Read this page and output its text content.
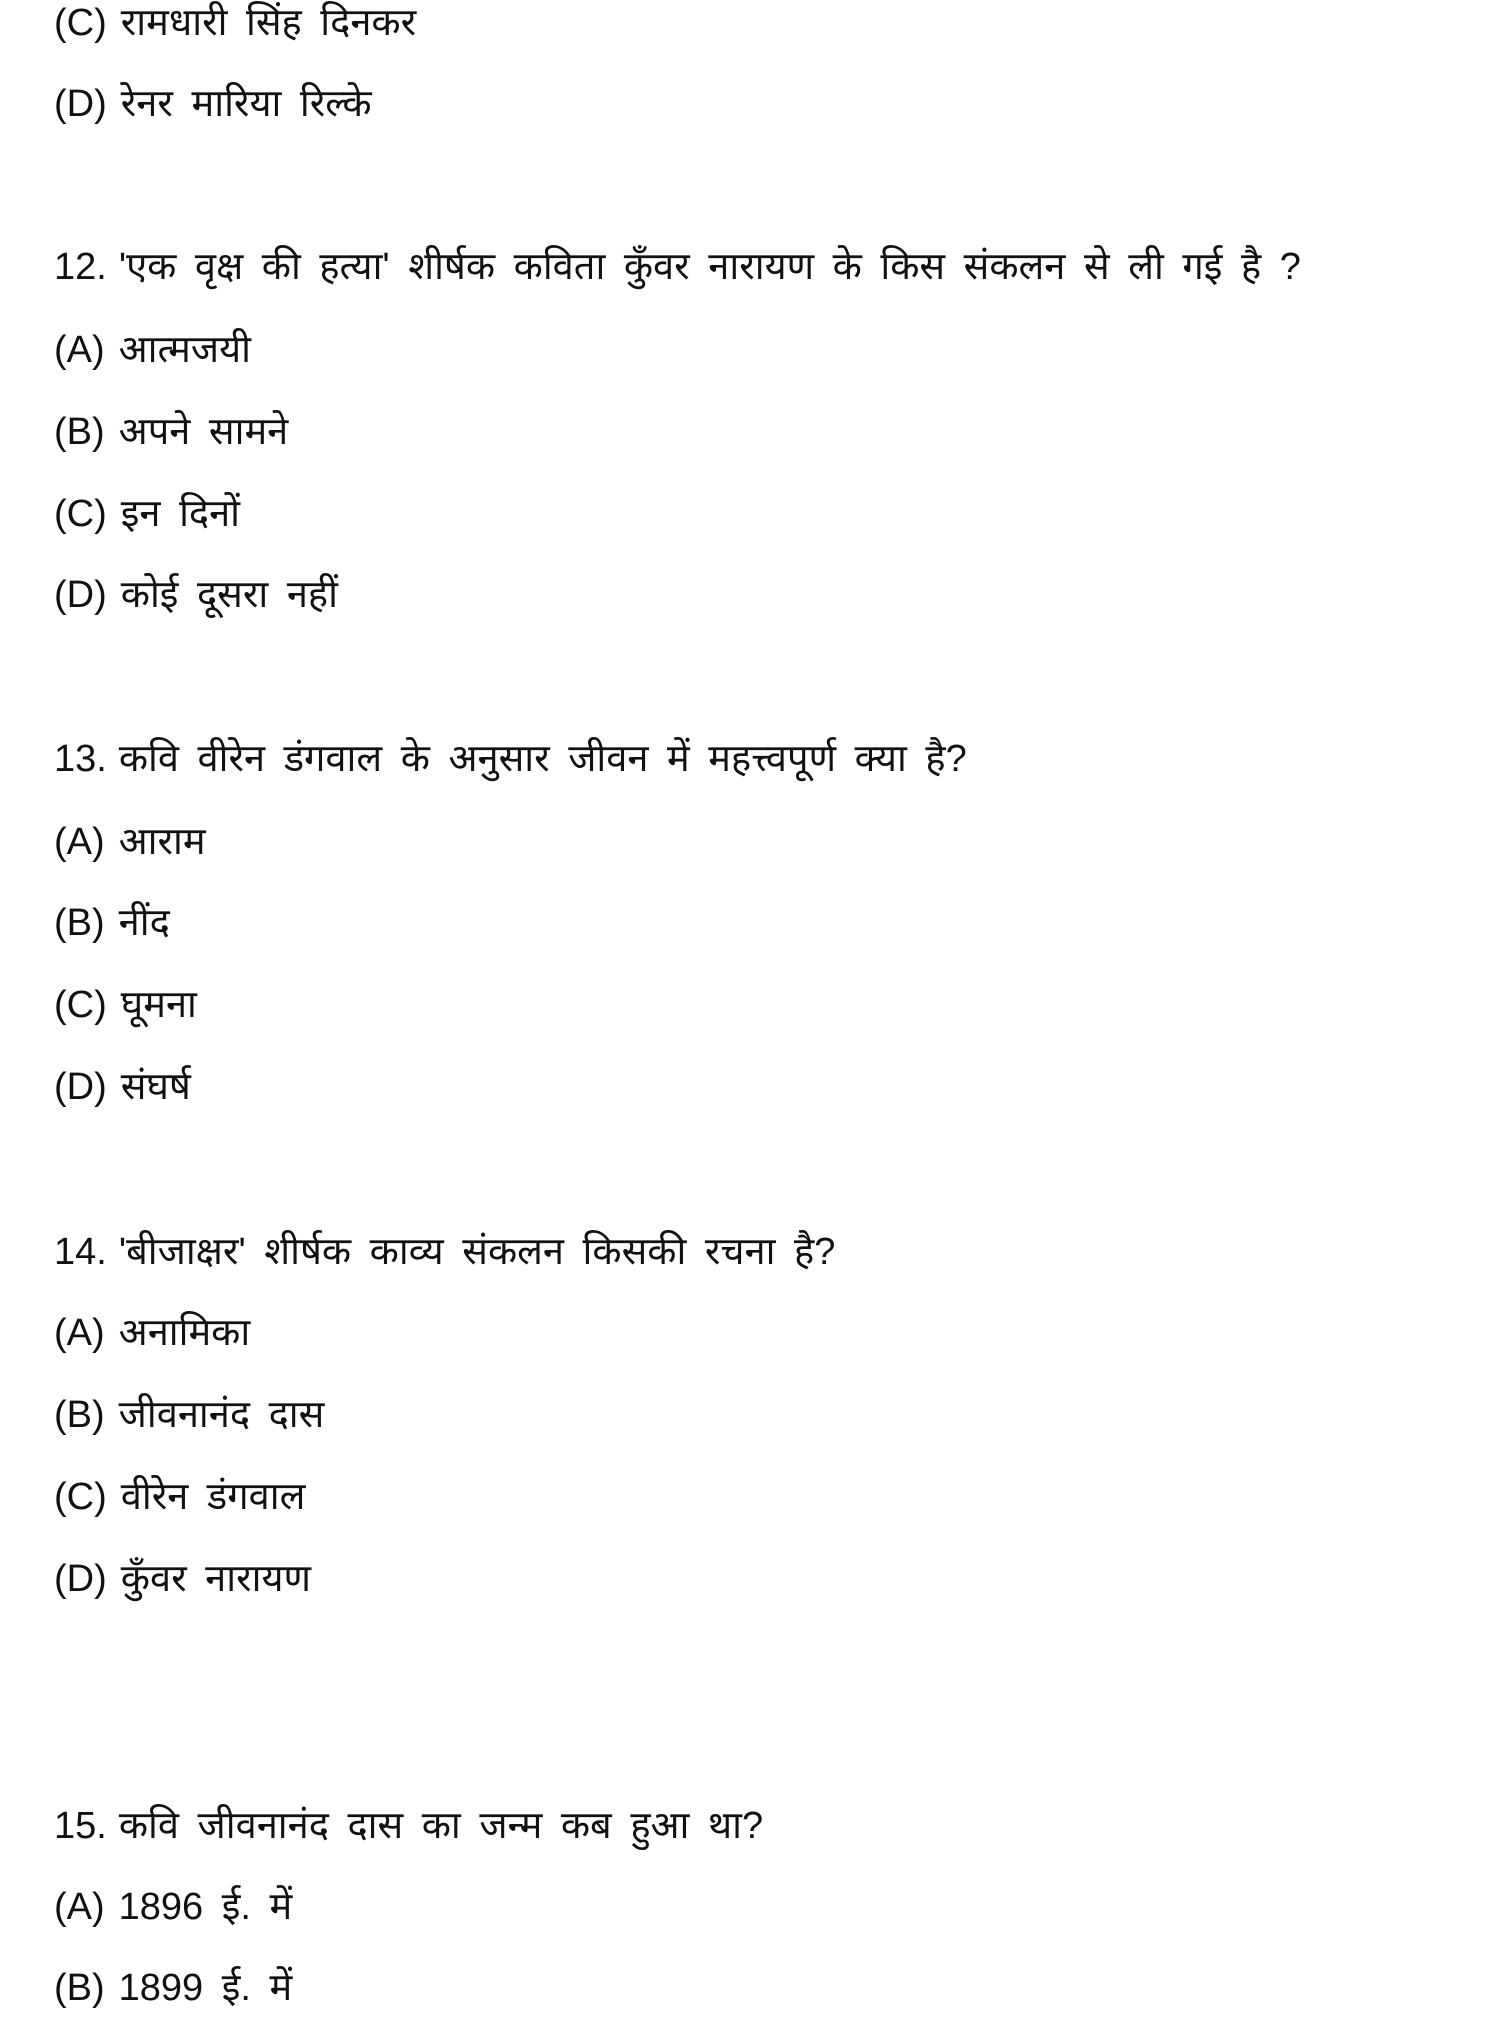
(C) रामधारी सिंह दिनकर
(D) रेनर मारिया रिल्के
12. 'एक वृक्ष की हत्या' शीर्षक कविता कुँवर नारायण के किस संकलन से ली गई है ?
(A) आत्मजयी
(B) अपने सामने
(C) इन दिनों
(D) कोई दूसरा नहीं
13. कवि वीरेन डंगवाल के अनुसार जीवन में महत्त्वपूर्ण क्या है?
(A) आराम
(B) नींद
(C) घूमना
(D) संघर्ष
14. 'बीजाक्षर' शीर्षक काव्य संकलन किसकी रचना है?
(A) अनामिका
(B) जीवनानंद दास
(C) वीरेन डंगवाल
(D) कुँवर नारायण
15. कवि जीवनानंद दास का जन्म कब हुआ था?
(A) 1896 ई. में
(B) 1899 ई. में
